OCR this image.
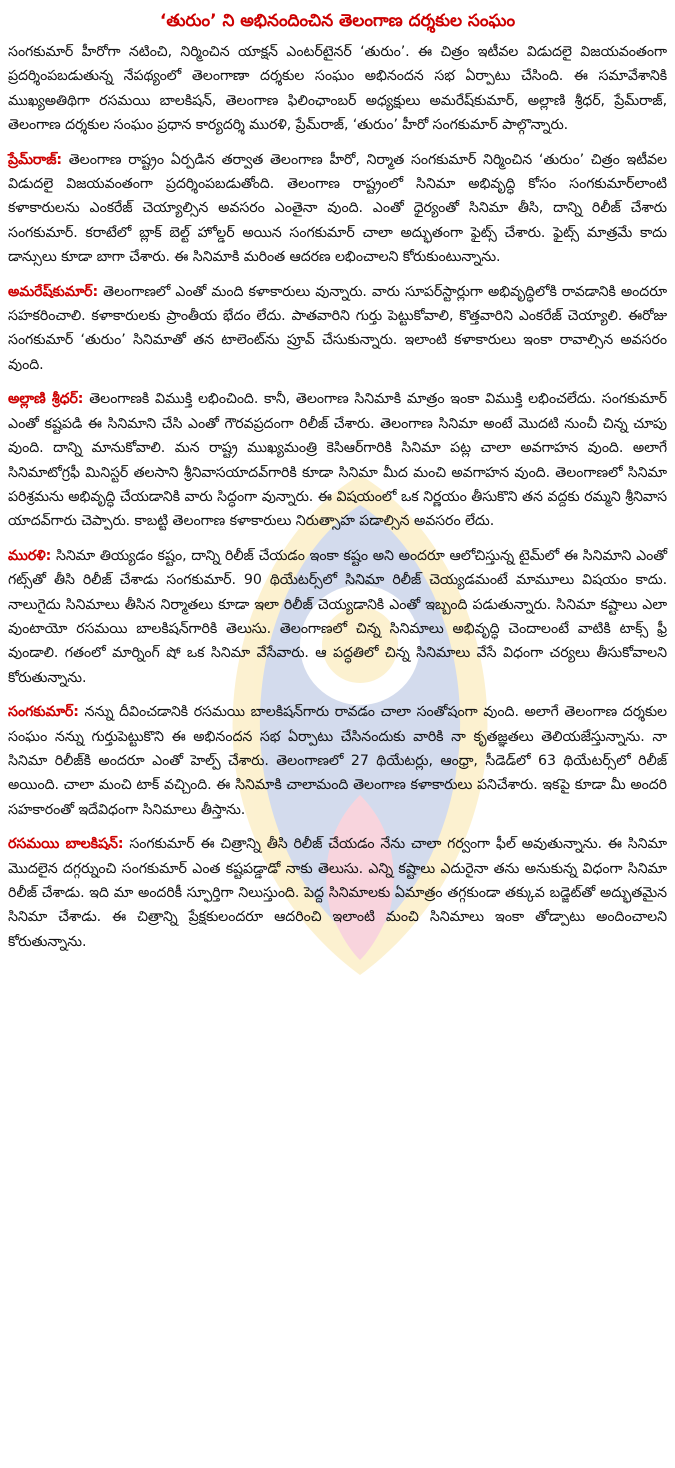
‘తురుం’ ని అభినందించిన తెలంగాణ దర్శకుల సంఘం

సంగకుమార్ హీరోగా నటించి, నిర్మించిన యాక్షన్ ఎంటర్‌టైనర్ ‘తురుం’. ఈ చిత్రం ఇటీవల విడుదలై విజయవంతంగా ప్రదర్శింపబడుతున్న నేపథ్యంలో తెలంగాణా దర్శకుల సంఘం అభినందన సభ ఏర్పాటు చేసింది. ఈ సమావేశానికి ముఖ్యఅతిథిగా రసమయి బాలకిషన్, తెలంగాణ ఫిలింఛాంబర్ అధ్యక్షులు అమరేష్‌కుమార్, అల్లాణి శ్రీధర్, ప్రేమ్‌రాజ్, తెలంగాణ దర్శకుల సంఘం ప్రధాన కార్యదర్శి మురళి, ప్రేమ్‌రాజ్, ‘తురుం’ హీరో సంగకుమార్ పాల్గొన్నారు.

ప్రేమ్‌రాజ్: తెలంగాణ రాష్ట్రం ఏర్పడిన తర్వాత తెలంగాణ హీరో, నిర్మాత సంగకుమార్ నిర్మించిన ‘తురుం’ చిత్రం ఇటీవల విడుదలై విజయవంతంగా ప్రదర్శింపబడుతోంది. తెలంగాణ రాష్ట్రంలో సినిమా అభివృద్ధి కోసం సంగకుమార్‌లాంటి కళాకారులను ఎంకరేజ్ చెయ్యాల్సిన అవసరం ఎంతైనా వుంది. ఎంతో ధైర్యంతో సినిమా తీసి, దాన్ని రిలీజ్ చేశారు సంగకుమార్. కరాటేలో బ్లాక్ బెల్ట్ హోల్డర్ అయిన సంగకుమార్ చాలా అద్భుతంగా ఫైట్స్ చేశారు. ఫైట్స్ మాత్రమే కాదు డాన్సులు కూడా బాగా చేశారు. ఈ సినిమాకి మరింత ఆదరణ లభించాలని కోరుకుంటున్నాను.

అమరేష్‌కుమార్: తెలంగాణలో ఎంతో మంది కళాకారులు వున్నారు. వారు సూపర్‌స్టార్లుగా అభివృద్ధిలోకి రావడానికి అందరూ సహకరించాలి. కళాకారులకు ప్రాంతీయ భేదం లేదు. పాతవారిని గుర్తు పెట్టుకోవాలి, కొత్తవారిని ఎంకరేజ్ చెయ్యాలి. ఈరోజు సంగకుమార్ ‘తురుం’ సినిమాతో తన టాలెంట్‌ను ప్రూవ్ చేసుకున్నారు. ఇలాంటి కళాకారులు ఇంకా రావాల్సిన అవసరం వుంది.

అల్లాణి శ్రీధర్: తెలంగాణకి విముక్తి లభించింది. కానీ, తెలంగాణ సినిమాకి మాత్రం ఇంకా విముక్తి లభించలేదు. సంగకుమార్ ఎంతో కష్టపడి ఈ సినిమాని చేసి ఎంతో గౌరవప్రదంగా రిలీజ్ చేశారు. తెలంగాణ సినిమా అంటే మొదటి నుంచీ చిన్న చూపు వుంది. దాన్ని మానుకోవాలి. మన రాష్ట్ర ముఖ్యమంత్రి కెసిఆర్‌గారికి సినిమా పట్ల చాలా అవగాహన వుంది. అలాగే సినిమాటోగ్రఫీ మినిస్టర్ తలసాని శ్రీనివాసయాదవ్‌గారికి కూడా సినిమా మీద మంచి అవగాహన వుంది. తెలంగాణలో సినిమా పరిశ్రమను అభివృద్ధి చేయడానికి వారు సిద్ధంగా వున్నారు. ఈ విషయంలో ఒక నిర్ణయం తీసుకొని తన వద్దకు రమ్మని శ్రీనివాస యాదవ్‌గారు చెప్పారు. కాబట్టి తెలంగాణ కళాకారులు నిరుత్సాహ పడాల్సిన అవసరం లేదు.

మురళి: సినిమా తియ్యడం కష్టం, దాన్ని రిలీజ్ చేయడం ఇంకా కష్టం అని అందరూ ఆలోచిస్తున్న టైమ్‌లో ఈ సినిమాని ఎంతో గట్స్‌తో తీసి రిలీజ్ చేశాడు సంగకుమార్. 90 థియేటర్స్‌లో సినిమా రిలీజ్ చెయ్యడమంటే మామూలు విషయం కాదు. నాలుగైదు సినిమాలు తీసిన నిర్మాతలు కూడా ఇలా రిలీజ్ చెయ్యడానికి ఎంతో ఇబ్బంది పడుతున్నారు. సినిమా కష్టాలు ఎలా వుంటాయో రసమయి బాలకిషన్‌గారికి తెలుసు. తెలంగాణలో చిన్న సినిమాలు అభివృద్ధి చెందాలంటే వాటికి టాక్స్ ఫ్రీ వుండాలి. గతంలో మార్నింగ్ షో ఒక సినిమా వేసేవారు. ఆ పద్ధతిలో చిన్న సినిమాలు వేసే విధంగా చర్యలు తీసుకోవాలని కోరుతున్నాను.

సంగకుమార్: నన్ను దీవించడానికి రసమయి బాలకిషన్‌గారు రావడం చాలా సంతోషంగా వుంది. అలాగే తెలంగాణ దర్శకుల సంఘం నన్ను గుర్తుపెట్టుకొని ఈ అభినందన సభ ఏర్పాటు చేసినందుకు వారికి నా కృతజ్ఞతలు తెలియజేస్తున్నాను. నా సినిమా రిలీజ్‌కి అందరూ ఎంతో హెల్ప్ చేశారు. తెలంగాణలో 27 థియేటర్లు, ఆంధ్రా, సీడెడ్‌లో 63 థియేటర్స్‌లో రిలీజ్ అయింది. చాలా మంచి టాక్ వచ్చింది. ఈ సినిమాకి చాలామంది తెలంగాణ కళాకారులు పనిచేశారు. ఇకపై కూడా మీ అందరి సహకారంతో ఇదేవిధంగా సినిమాలు తీస్తాను.

రసమయి బాలకిషన్: సంగకుమార్ ఈ చిత్రాన్ని తీసి రిలీజ్ చేయడం నేను చాలా గర్వంగా ఫీల్ అవుతున్నాను. ఈ సినిమా మొదలైన దగ్గర్నుంచి సంగకుమార్ ఎంత కష్టపడ్డాడో నాకు తెలుసు. ఎన్ని కష్టాలు ఎదురైనా తను అనుకున్న విధంగా సినిమా రిలీజ్ చేశాడు. ఇది మా అందరికీ స్ఫూర్తిగా నిలుస్తుంది. పెద్ద సినిమాలకు ఏమాత్రం తగ్గకుండా తక్కువ బడ్జెట్‌తో అద్భుతమైన సినిమా చేశాడు. ఈ చిత్రాన్ని ప్రేక్షకులందరూ ఆదరించి ఇలాంటి మంచి సినిమాలు ఇంకా తోడ్పాటు అందించాలని కోరుతున్నాను.
